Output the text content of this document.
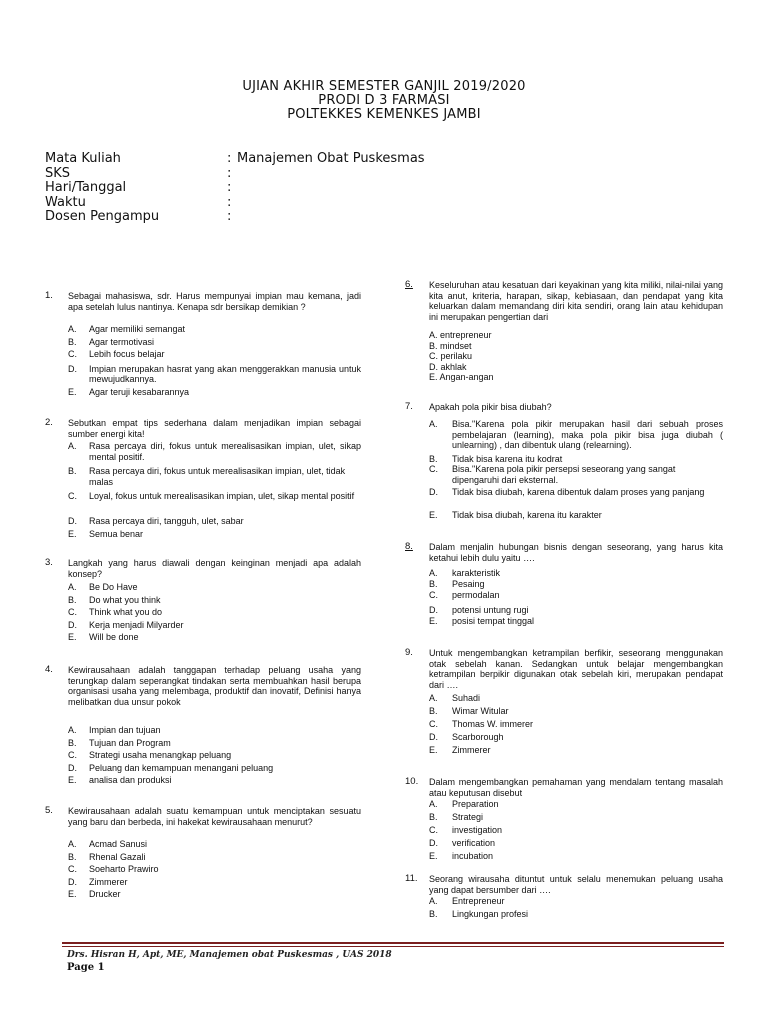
UJIAN AKHIR SEMESTER GANJIL 2019/2020
PRODI D 3 FARMASI
POLTEKKES KEMENKES JAMBI
Mata Kuliah	: Manajemen Obat Puskesmas
SKS	:
Hari/Tanggal	:
Waktu	:
Dosen Pengampu	:
1. Sebagai mahasiswa, sdr. Harus mempunyai impian mau kemana, jadi apa setelah lulus nantinya. Kenapa sdr bersikap demikian ?
A. Agar memiliki semangat
B. Agar termotivasi
C. Lebih focus belajar
D. Impian merupakan hasrat yang akan menggerakkan manusia untuk mewujudkannya.
E. Agar teruji kesabarannya
2. Sebutkan empat tips sederhana dalam menjadikan impian sebagai sumber energi kita!
A. Rasa percaya diri, fokus untuk merealisasikan impian, ulet, sikap mental positif.
B. Rasa percaya diri, fokus untuk merealisasikan impian, ulet, tidak malas
C. Loyal, fokus untuk merealisasikan impian, ulet, sikap mental positif
D. Rasa percaya diri, tangguh, ulet, sabar
E. Semua benar
3. Langkah yang harus diawali dengan keinginan menjadi apa adalah konsep?
A. Be Do Have
B. Do what you think
C. Think what you do
D. Kerja menjadi Milyarder
E. Will be done
4. Kewirausahaan adalah tanggapan terhadap peluang usaha yang terungkap dalam seperangkat tindakan serta membuahkan hasil berupa organisasi usaha yang melembaga, produktif dan inovatif, Definisi hanya melibatkan dua unsur pokok
A. Impian dan tujuan
B. Tujuan dan Program
C. Strategi usaha menangkap peluang
D. Peluang dan kemampuan menangani peluang
E. analisa dan produksi
5. Kewirausahaan adalah suatu kemampuan untuk menciptakan sesuatu yang baru dan berbeda, ini hakekat kewirausahaan menurut?
A. Acmad Sanusi
B. Rhenal Gazali
C. Soeharto Prawiro
D. Zimmerer
E. Drucker
6. Keseluruhan atau kesatuan dari keyakinan yang kita miliki, nilai-nilai yang kita anut, kriteria, harapan, sikap, kebiasaan, dan pendapat yang kita keluarkan dalam memandang diri kita sendiri, orang lain atau kehidupan ini merupakan pengertian dari
A. entrepreneur
B. mindset
C. perilaku
D. akhlak
E. Angan-angan
7. Apakah pola pikir bisa diubah?
A. Bisa."Karena pola pikir merupakan hasil dari sebuah proses pembelajaran (learning), maka pola pikir bisa juga diubah ( unlearning) , dan dibentuk ulang (relearning).
B. Tidak bisa karena itu kodrat
C. Bisa."Karena pola pikir persepsi seseorang yang sangat dipengaruhi dari eksternal.
D. Tidak bisa diubah, karena dibentuk dalam proses yang panjang
E. Tidak bisa diubah, karena itu karakter
8. Dalam menjalin hubungan bisnis dengan seseorang, yang harus kita ketahui lebih dulu yaitu ….
A. karakteristik
B. Pesaing
C. permodalan
D. potensi untung rugi
E. posisi tempat tinggal
9. Untuk mengembangkan ketrampilan berfikir, seseorang menggunakan otak sebelah kanan. Sedangkan untuk belajar mengembangkan ketrampilan berpikir digunakan otak sebelah kiri, merupakan pendapat dari ….
A. Suhadi
B. Wimar Witular
C. Thomas W. immerer
D. Scarborough
E. Zimmerer
10. Dalam mengembangkan pemahaman yang mendalam tentang masalah atau keputusan disebut
A. Preparation
B. Strategi
C. investigation
D. verification
E. incubation
11. Seorang wirausaha dituntut untuk selalu menemukan peluang usaha yang dapat bersumber dari ….
A. Entrepreneur
B. Lingkungan profesi
Drs. Hisran H, Apt, ME, Manajemen obat Puskesmas , UAS 2018
Page 1
